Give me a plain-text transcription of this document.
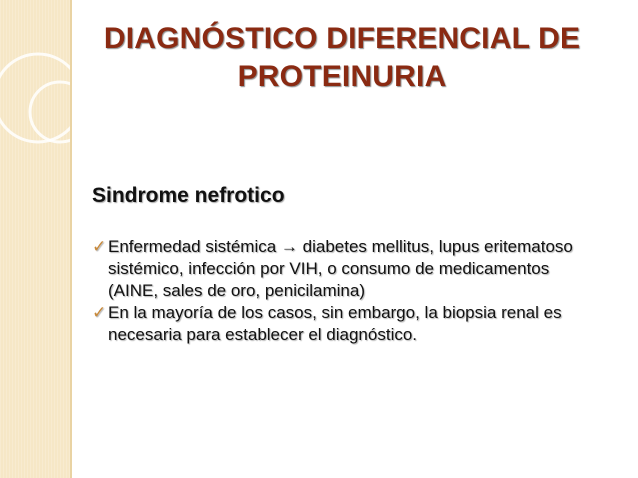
DIAGNÓSTICO DIFERENCIAL DE
PROTEINURIA
Sindrome nefrotico
✓ Enfermedad sistémica → diabetes mellitus, lupus eritematoso sistémico, infección por VIH, o consumo de medicamentos (AINE, sales de oro, penicilamina)
✓ En la mayoría de los casos, sin embargo, la biopsia renal es necesaria para establecer el diagnóstico.
